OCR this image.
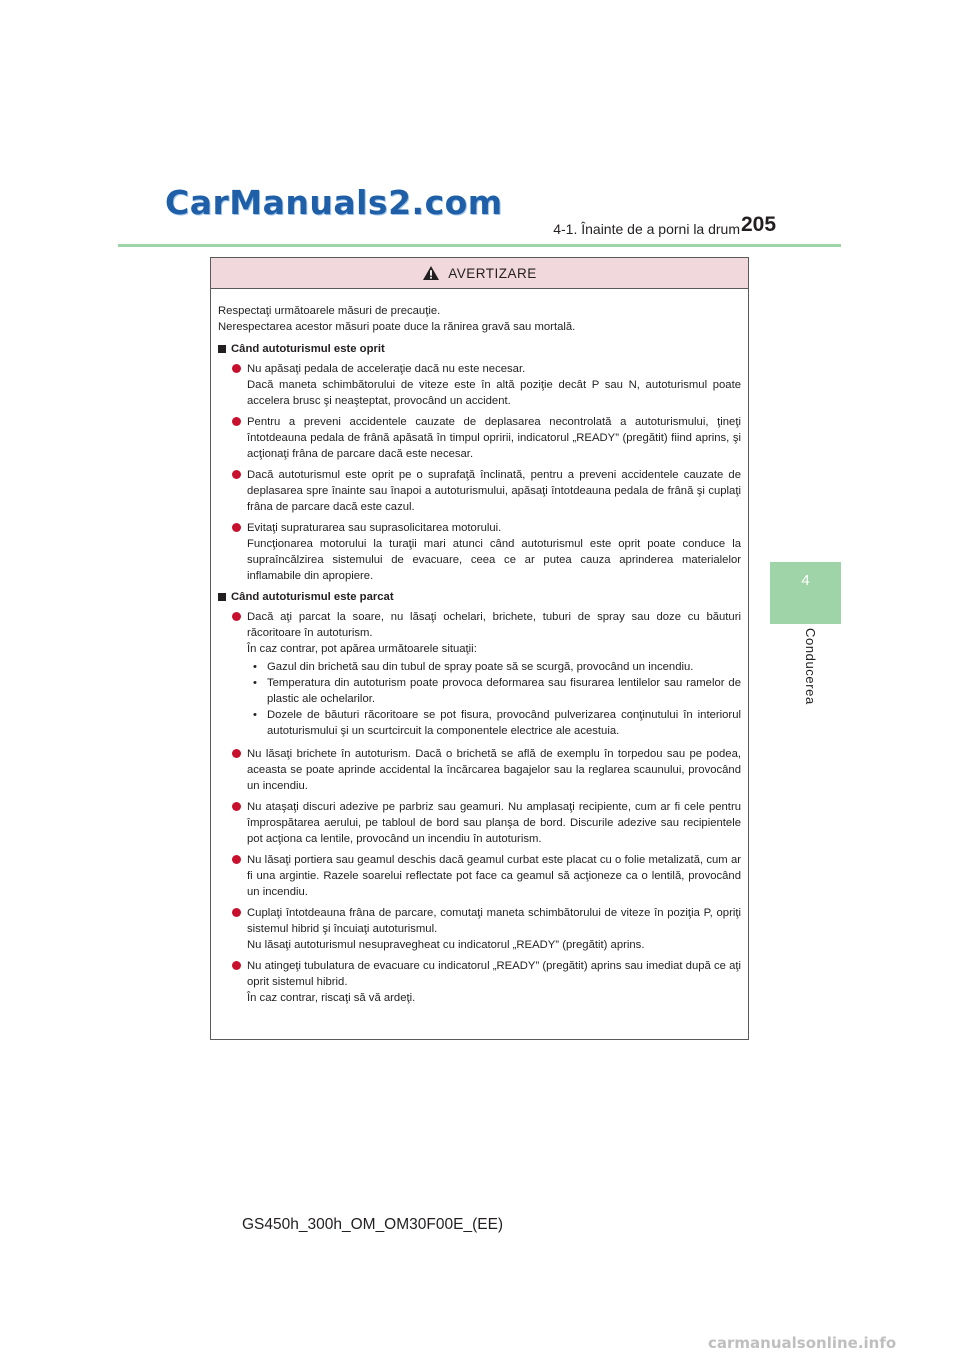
CarManuals2.com
4-1. Înainte de a porni la drum 205
4
Conducerea
AVERTIZARE

Respectaţi următoarele măsuri de precauţie.

Nerespectarea acestor măsuri poate duce la rănirea gravă sau mortală.

Când autoturismul este oprit

Nu apăsaţi pedala de acceleraţie dacă nu este necesar.

Dacă maneta schimbătorului de viteze este în altă poziţie decât P sau N, autoturismul poate accelera brusc şi neaşteptat, provocând un accident.

Pentru a preveni accidentele cauzate de deplasarea necontrolată a autoturismului, ţineţi întotdeauna pedala de frână apăsată în timpul opririi, indicatorul „READY” (pregătit) fiind aprins, şi acţionaţi frâna de parcare dacă este necesar.

Dacă autoturismul este oprit pe o suprafaţă înclinată, pentru a preveni accidentele cauzate de deplasarea spre înainte sau înapoi a autoturismului, apăsaţi întotdeauna pedala de frână şi cuplaţi frâna de parcare dacă este cazul.

Evitaţi supraturarea sau suprasolicitarea motorului.

Funcţionarea motorului la turaţii mari atunci când autoturismul este oprit poate conduce la supraîncălzirea sistemului de evacuare, ceea ce ar putea cauza aprinderea materialelor inflamabile din apropiere.

Când autoturismul este parcat

Dacă aţi parcat la soare, nu lăsaţi ochelari, brichete, tuburi de spray sau doze cu băuturi răcoritoare în autoturism.

În caz contrar, pot apărea următoarele situaţii:

• Gazul din brichetă sau din tubul de spray poate să se scurgă, provocând un incendiu.
• Temperatura din autoturism poate provoca deformarea sau fisurarea lentilelor sau ramelor de plastic ale ochelarilor.
• Dozele de băuturi răcoritoare se pot fisura, provocând pulverizarea conţinutului în interiorul autoturismului şi un scurtcircuit la componentele electrice ale acestuia.

Nu lăsaţi brichete în autoturism. Dacă o brichetă se află de exemplu în torpedou sau pe podea, aceasta se poate aprinde accidental la încărcarea bagajelor sau la reglarea scaunului, provocând un incendiu.

Nu ataşaţi discuri adezive pe parbriz sau geamuri. Nu amplasaţi recipiente, cum ar fi cele pentru împrospătarea aerului, pe tabloul de bord sau planşa de bord. Discurile adezive sau recipientele pot acţiona ca lentile, provocând un incendiu în autoturism.

Nu lăsaţi portiera sau geamul deschis dacă geamul curbat este placat cu o folie metalizată, cum ar fi una argintie. Razele soarelui reflectate pot face ca geamul să acţioneze ca o lentilă, provocând un incendiu.

Cuplaţi întotdeauna frâna de parcare, comutaţi maneta schimbătorului de viteze în poziţia P, opriţi sistemul hibrid şi încuiaţi autoturismul.

Nu lăsaţi autoturismul nesupravegheat cu indicatorul „READY” (pregătit) aprins.

Nu atingeţi tubulatura de evacuare cu indicatorul „READY” (pregătit) aprins sau imediat după ce aţi oprit sistemul hibrid.

În caz contrar, riscaţi să vă ardeţi.

GS450h_300h_OM_OM30F00E_(EE)
carmanualsonline.info
